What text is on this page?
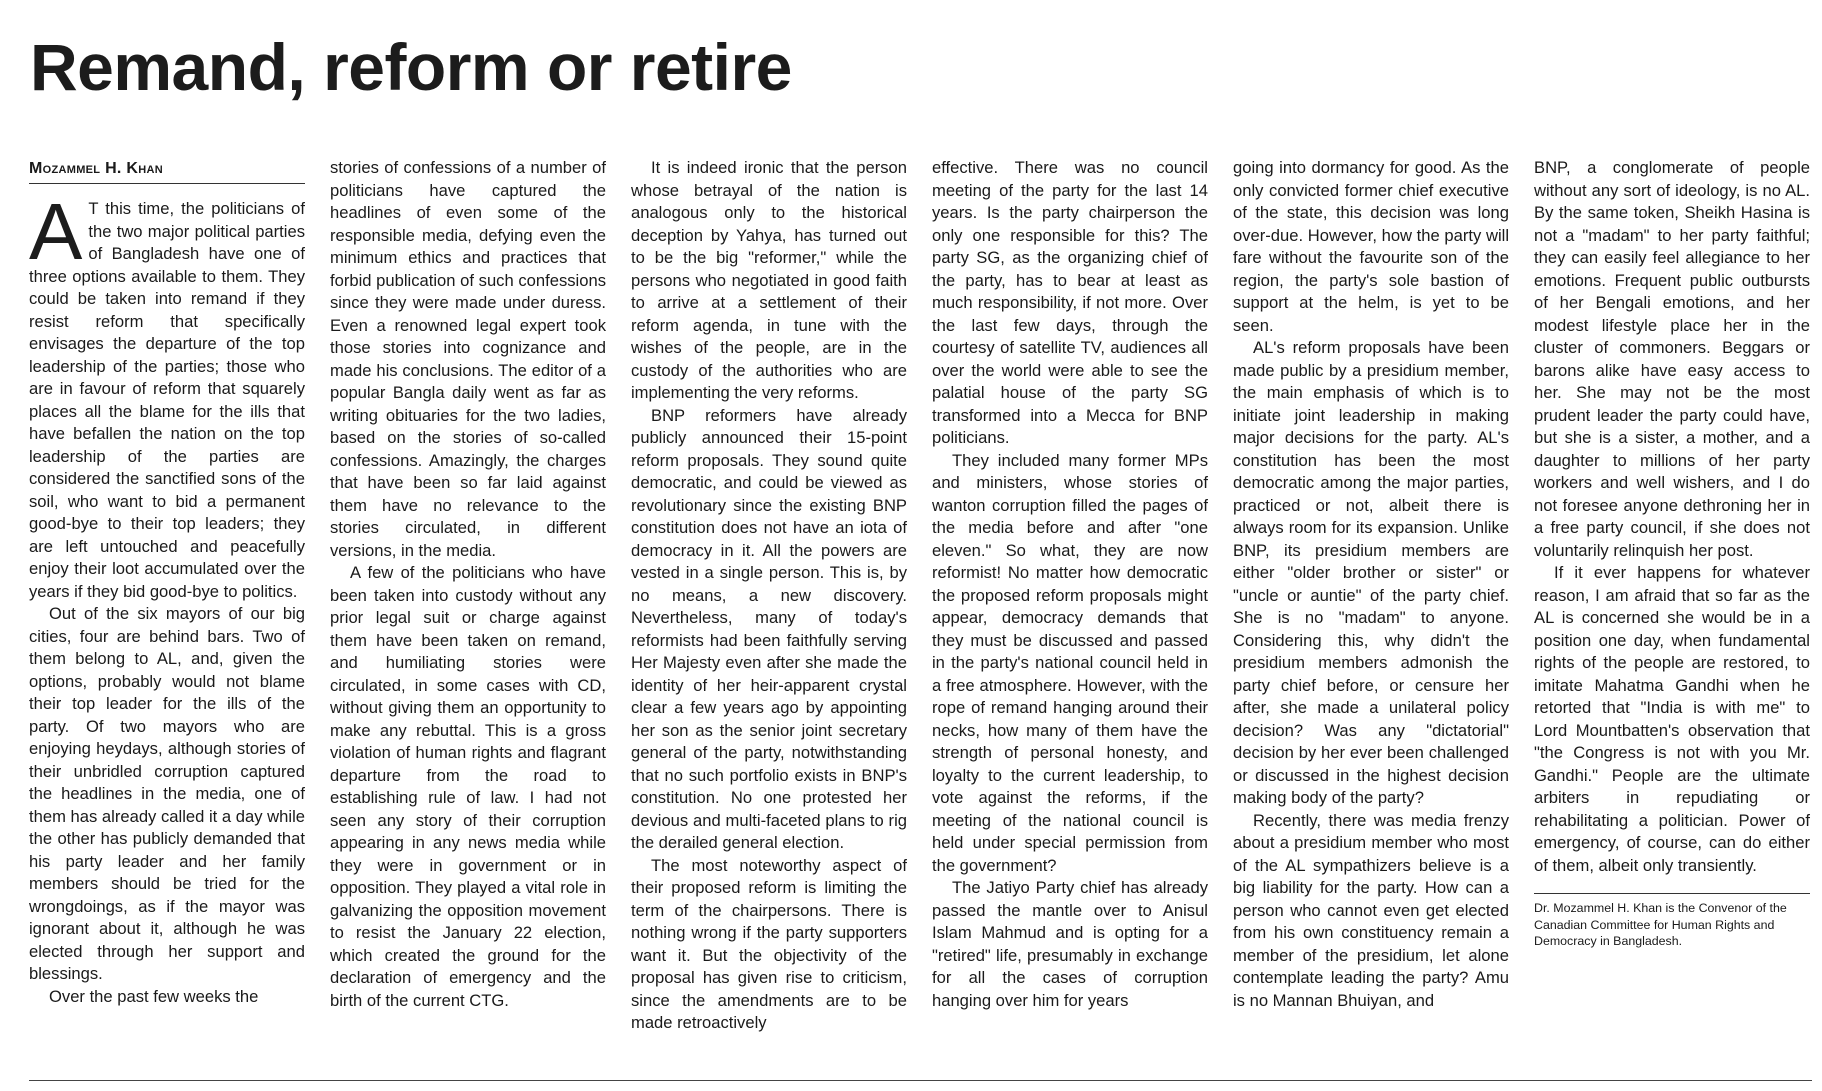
Remand, reform or retire
Mozammel H. Khan

A T this time, the politicians of the two major political parties of Bangladesh have one of three options available to them. They could be taken into remand if they resist reform that specifically envisages the departure of the top leadership of the parties; those who are in favour of reform that squarely places all the blame for the ills that have befallen the nation on the top leadership of the parties are considered the sanctified sons of the soil, who want to bid a permanent good-bye to their top leaders; they are left untouched and peacefully enjoy their loot accumulated over the years if they bid good-bye to politics.

Out of the six mayors of our big cities, four are behind bars. Two of them belong to AL, and, given the options, probably would not blame their top leader for the ills of the party. Of two mayors who are enjoying heydays, although stories of their unbridled corruption captured the headlines in the media, one of them has already called it a day while the other has publicly demanded that his party leader and her family members should be tried for the wrongdoings, as if the mayor was ignorant about it, although he was elected through her support and blessings.

Over the past few weeks the

stories of confessions of a number of politicians have captured the headlines of even some of the responsible media, defying even the minimum ethics and practices that forbid publication of such confessions since they were made under duress. Even a renowned legal expert took those stories into cognizance and made his conclusions. The editor of a popular Bangla daily went as far as writing obituaries for the two ladies, based on the stories of so-called confessions. Amazingly, the charges that have been so far laid against them have no relevance to the stories circulated, in different versions, in the media.

A few of the politicians who have been taken into custody without any prior legal suit or charge against them have been taken on remand, and humiliating stories were circulated, in some cases with CD, without giving them an opportunity to make any rebuttal. This is a gross violation of human rights and flagrant departure from the road to establishing rule of law. I had not seen any story of their corruption appearing in any news media while they were in government or in opposition. They played a vital role in galvanizing the opposition movement to resist the January 22 election, which created the ground for the declaration of emergency and the birth of the current CTG.

It is indeed ironic that the person whose betrayal of the nation is analogous only to the historical deception by Yahya, has turned out to be the big "reformer," while the persons who negotiated in good faith to arrive at a settlement of their reform agenda, in tune with the wishes of the people, are in the custody of the authorities who are implementing the very reforms.

BNP reformers have already publicly announced their 15-point reform proposals. They sound quite democratic, and could be viewed as revolutionary since the existing BNP constitution does not have an iota of democracy in it. All the powers are vested in a single person. This is, by no means, a new discovery. Nevertheless, many of today's reformists had been faithfully serving Her Majesty even after she made the identity of her heir-apparent crystal clear a few years ago by appointing her son as the senior joint secretary general of the party, notwithstanding that no such portfolio exists in BNP's constitution. No one protested her devious and multi-faceted plans to rig the derailed general election.

The most noteworthy aspect of their proposed reform is limiting the term of the chairpersons. There is nothing wrong if the party supporters want it. But the objectivity of the proposal has given rise to criticism, since the amendments are to be made retroactively

effective. There was no council meeting of the party for the last 14 years. Is the party chairperson the only one responsible for this? The party SG, as the organizing chief of the party, has to bear at least as much responsibility, if not more. Over the last few days, through the courtesy of satellite TV, audiences all over the world were able to see the palatial house of the party SG transformed into a Mecca for BNP politicians.

They included many former MPs and ministers, whose stories of wanton corruption filled the pages of the media before and after "one eleven." So what, they are now reformist! No matter how democratic the proposed reform proposals might appear, democracy demands that they must be discussed and passed in the party's national council held in a free atmosphere. However, with the rope of remand hanging around their necks, how many of them have the strength of personal honesty, and loyalty to the current leadership, to vote against the reforms, if the meeting of the national council is held under special permission from the government?

The Jatiyo Party chief has already passed the mantle over to Anisul Islam Mahmud and is opting for a "retired" life, presumably in exchange for all the cases of corruption hanging over him for years

going into dormancy for good. As the only convicted former chief executive of the state, this decision was long over-due. However, how the party will fare without the favourite son of the region, the party's sole bastion of support at the helm, is yet to be seen.

AL's reform proposals have been made public by a presidium member, the main emphasis of which is to initiate joint leadership in making major decisions for the party. AL's constitution has been the most democratic among the major parties, practiced or not, albeit there is always room for its expansion. Unlike BNP, its presidium members are either "older brother or sister" or "uncle or auntie" of the party chief. She is no "madam" to anyone. Considering this, why didn't the presidium members admonish the party chief before, or censure her after, she made a unilateral policy decision? Was any "dictatorial" decision by her ever been challenged or discussed in the highest decision making body of the party?

Recently, there was media frenzy about a presidium member who most of the AL sympathizers believe is a big liability for the party. How can a person who cannot even get elected from his own constituency remain a member of the presidium, let alone contemplate leading the party? Amu is no Mannan Bhuiyan, and

BNP, a conglomerate of people without any sort of ideology, is no AL. By the same token, Sheikh Hasina is not a "madam" to her party faithful; they can easily feel allegiance to her emotions. Frequent public outbursts of her Bengali emotions, and her modest lifestyle place her in the cluster of commoners. Beggars or barons alike have easy access to her. She may not be the most prudent leader the party could have, but she is a sister, a mother, and a daughter to millions of her party workers and well wishers, and I do not foresee anyone dethroning her in a free party council, if she does not voluntarily relinquish her post.

If it ever happens for whatever reason, I am afraid that so far as the AL is concerned she would be in a position one day, when fundamental rights of the people are restored, to imitate Mahatma Gandhi when he retorted that "India is with me" to Lord Mountbatten's observation that "the Congress is not with you Mr. Gandhi." People are the ultimate arbiters in repudiating or rehabilitating a politician. Power of emergency, of course, can do either of them, albeit only transiently.

Dr. Mozammel H. Khan is the Convenor of the Canadian Committee for Human Rights and Democracy in Bangladesh.
